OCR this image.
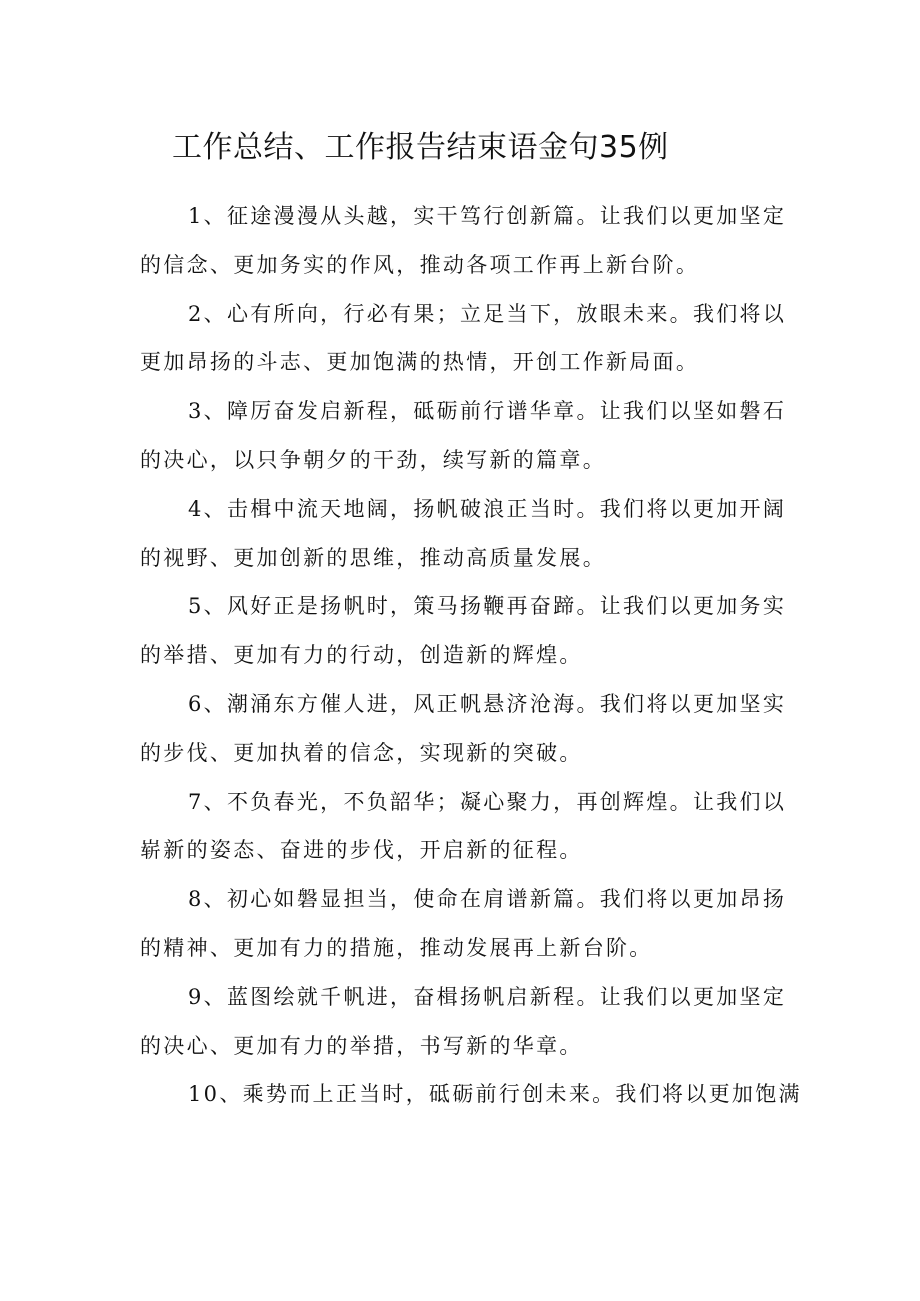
工作总结、工作报告结束语金句35例

1、征途漫漫从头越，实干笃行创新篇。让我们以更加坚定
的信念、更加务实的作风，推动各项工作再上新台阶。

2、心有所向，行必有果；立足当下，放眼未来。我们将以
更加昂扬的斗志、更加饱满的热情，开创工作新局面。

3、障厉奋发启新程，砥砺前行谱华章。让我们以坚如磐石
的决心，以只争朝夕的干劲，续写新的篇章。

4、击楫中流天地阔，扬帆破浪正当时。我们将以更加开阔
的视野、更加创新的思维，推动高质量发展。

5、风好正是扬帆时，策马扬鞭再奋蹄。让我们以更加务实
的举措、更加有力的行动，创造新的辉煌。

6、潮涌东方催人进，风正帆悬济沧海。我们将以更加坚实
的步伐、更加执着的信念，实现新的突破。

7、不负春光，不负韶华；凝心聚力，再创辉煌。让我们以
崭新的姿态、奋进的步伐，开启新的征程。

8、初心如磐显担当，使命在肩谱新篇。我们将以更加昂扬
的精神、更加有力的措施，推动发展再上新台阶。

9、蓝图绘就千帆进，奋楫扬帆启新程。让我们以更加坚定
的决心、更加有力的举措，书写新的华章。

10、乘势而上正当时，砥砺前行创未来。我们将以更加饱满
